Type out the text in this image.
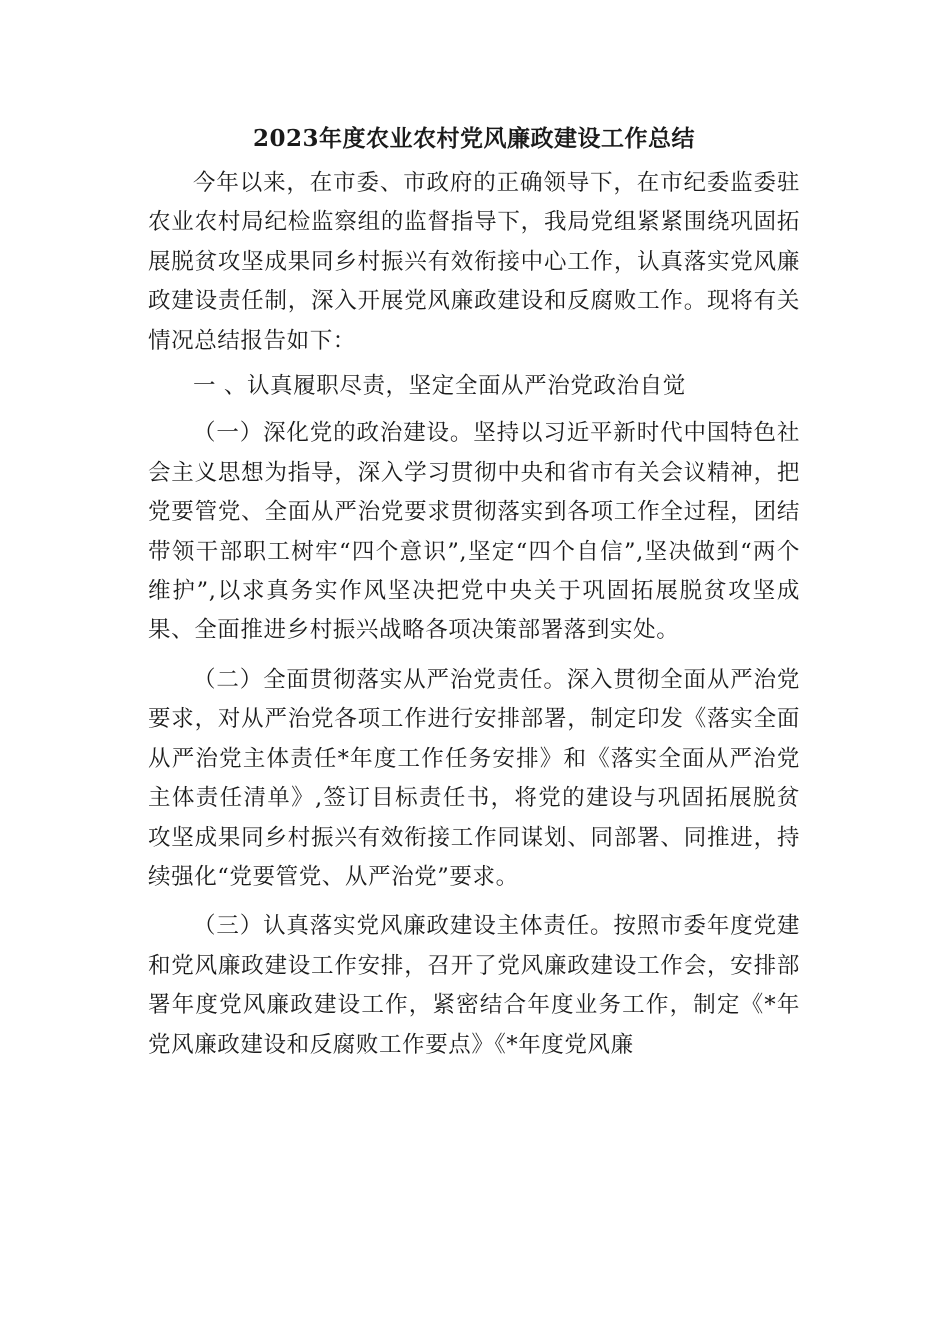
2023年度农业农村党风廉政建设工作总结

今年以来，在市委、市政府的正确领导下，在市纪委监委驻农业农村局纪检监察组的监督指导下，我局党组紧紧围绕巩固拓展脱贫攻坚成果同乡村振兴有效衔接中心工作，认真落实党风廉政建设责任制，深入开展党风廉政建设和反腐败工作。现将有关情况总结报告如下：

一 、认真履职尽责，坚定全面从严治党政治自觉

（一）深化党的政治建设。坚持以习近平新时代中国特色社会主义思想为指导，深入学习贯彻中央和省市有关会议精神，把党要管党、全面从严治党要求贯彻落实到各项工作全过程，团结带领干部职工树牢“四个意识”,坚定“四个自信”,坚决做到“两个维护”,以求真务实作风坚决把党中央关于巩固拓展脱贫攻坚成果、全面推进乡村振兴战略各项决策部署落到实处。

（二）全面贯彻落实从严治党责任。深入贯彻全面从严治党要求，对从严治党各项工作进行安排部署，制定印发《落实全面从严治党主体责任*年度工作任务安排》和《落实全面从严治党主体责任清单》,签订目标责任书，将党的建设与巩固拓展脱贫攻坚成果同乡村振兴有效衔接工作同谋划、同部署、同推进，持续强化“党要管党、从严治党”要求。

（三）认真落实党风廉政建设主体责任。按照市委年度党建和党风廉政建设工作安排，召开了党风廉政建设工作会，安排部署年度党风廉政建设工作，紧密结合年度业务工作，制定《*年党风廉政建设和反腐败工作要点》《*年度党风廉
